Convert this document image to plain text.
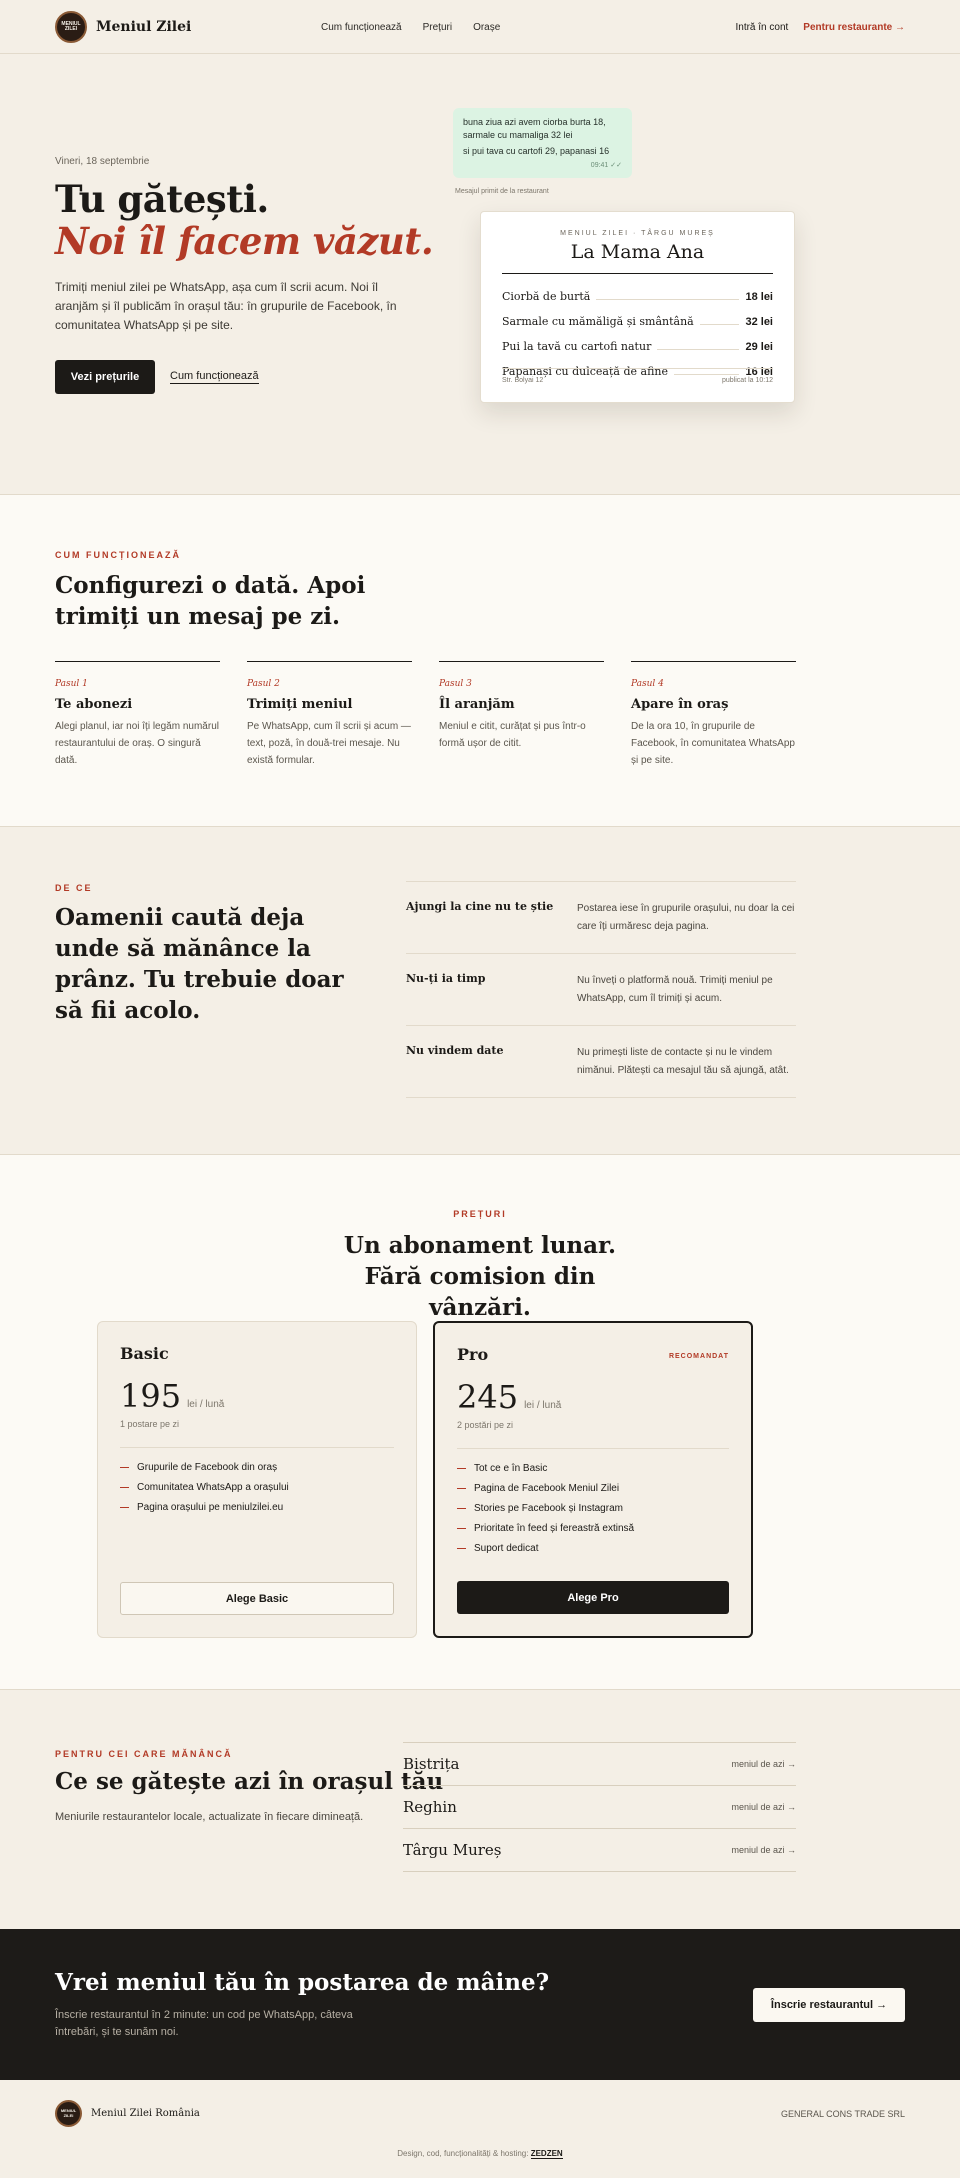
MENIUL ZILEI	Meniul Zilei	Cum funcționează Prețuri Orașe	Intră în cont Pentru restaurante →
Vineri, 18 septembrie
Tu gătești.
Noi îl facem văzut.

Trimiți meniul zilei pe WhatsApp, așa cum îl scrii acum. Noi îl aranjăm și îl publicăm în orașul tău: în grupurile de Facebook, în comunitatea WhatsApp și pe site.

Vezi prețurile	Cum funcționează
buna ziua azi avem ciorba burta 18, sarmale cu mamaliga 32 lei
si pui tava cu cartofi 29, papanasi 16
09:41 ✓✓
Mesajul primit de la restaurant
MENIUL ZILEI · TÂRGU MUREȘ
La Mama Ana
Ciorbă de burtă	18 lei
Sarmale cu mămăligă și smântână	32 lei
Pui la tavă cu cartofi natur	29 lei
Papanași cu dulceață de afine	16 lei
Str. Bolyai 12	publicat la 10:12
CUM FUNCȚIONEAZĂ
Configurezi o dată. Apoi trimiți un mesaj pe zi.
Pasul 1
Te abonezi

Alegi planul, iar noi îți legăm numărul restaurantului de oraș. O singură dată.

Pasul 2
Trimiți meniul

Pe WhatsApp, cum îl scrii și acum — text, poză, în două-trei mesaje. Nu există formular.

Pasul 3
Îl aranjăm

Meniul e citit, curățat și pus într-o formă ușor de citit.

Pasul 4
Apare în oraș

De la ora 10, în grupurile de Facebook, în comunitatea WhatsApp și pe site.

DE CE
Oamenii caută deja unde să mănânce la prânz. Tu trebuie doar să fii acolo.
Ajungi la cine nu te știe	Postarea iese în grupurile orașului, nu doar la cei care îți urmăresc deja pagina.
Nu-ți ia timp	Nu înveți o platformă nouă. Trimiți meniul pe WhatsApp, cum îl trimiți și acum.
Nu vindem date	Nu primești liste de contacte și nu le vindem nimănui. Plătești ca mesajul tău să ajungă, atât.
PREȚURI
Un abonament lunar. Fără comision din vânzări.
Basic
195 lei / lună
1 postare pe zi
Grupurile de Facebook din oraș
Comunitatea WhatsApp a orașului
Pagina orașului pe meniulzilei.eu
Alege Basic
Pro	RECOMANDAT
245 lei / lună
2 postări pe zi
Tot ce e în Basic
Pagina de Facebook Meniul Zilei
Stories pe Facebook și Instagram
Prioritate în feed și fereastră extinsă
Suport dedicat
Alege Pro
PENTRU CEI CARE MĂNÂNCĂ
Ce se gătește azi în orașul tău

Meniurile restaurantelor locale, actualizate în fiecare dimineață.

Bistrița	meniul de azi →
Reghin	meniul de azi →
Târgu Mureș	meniul de azi →
Vrei meniul tău în postarea de mâine?

Înscrie restaurantul în 2 minute: un cod pe WhatsApp, câteva întrebări, și te sunăm noi.

Înscrie restaurantul →
MENIUL ZILEI	Meniul Zilei România	GENERAL CONS TRADE SRL
Design, cod, funcționalități & hosting: ZEDZEN
